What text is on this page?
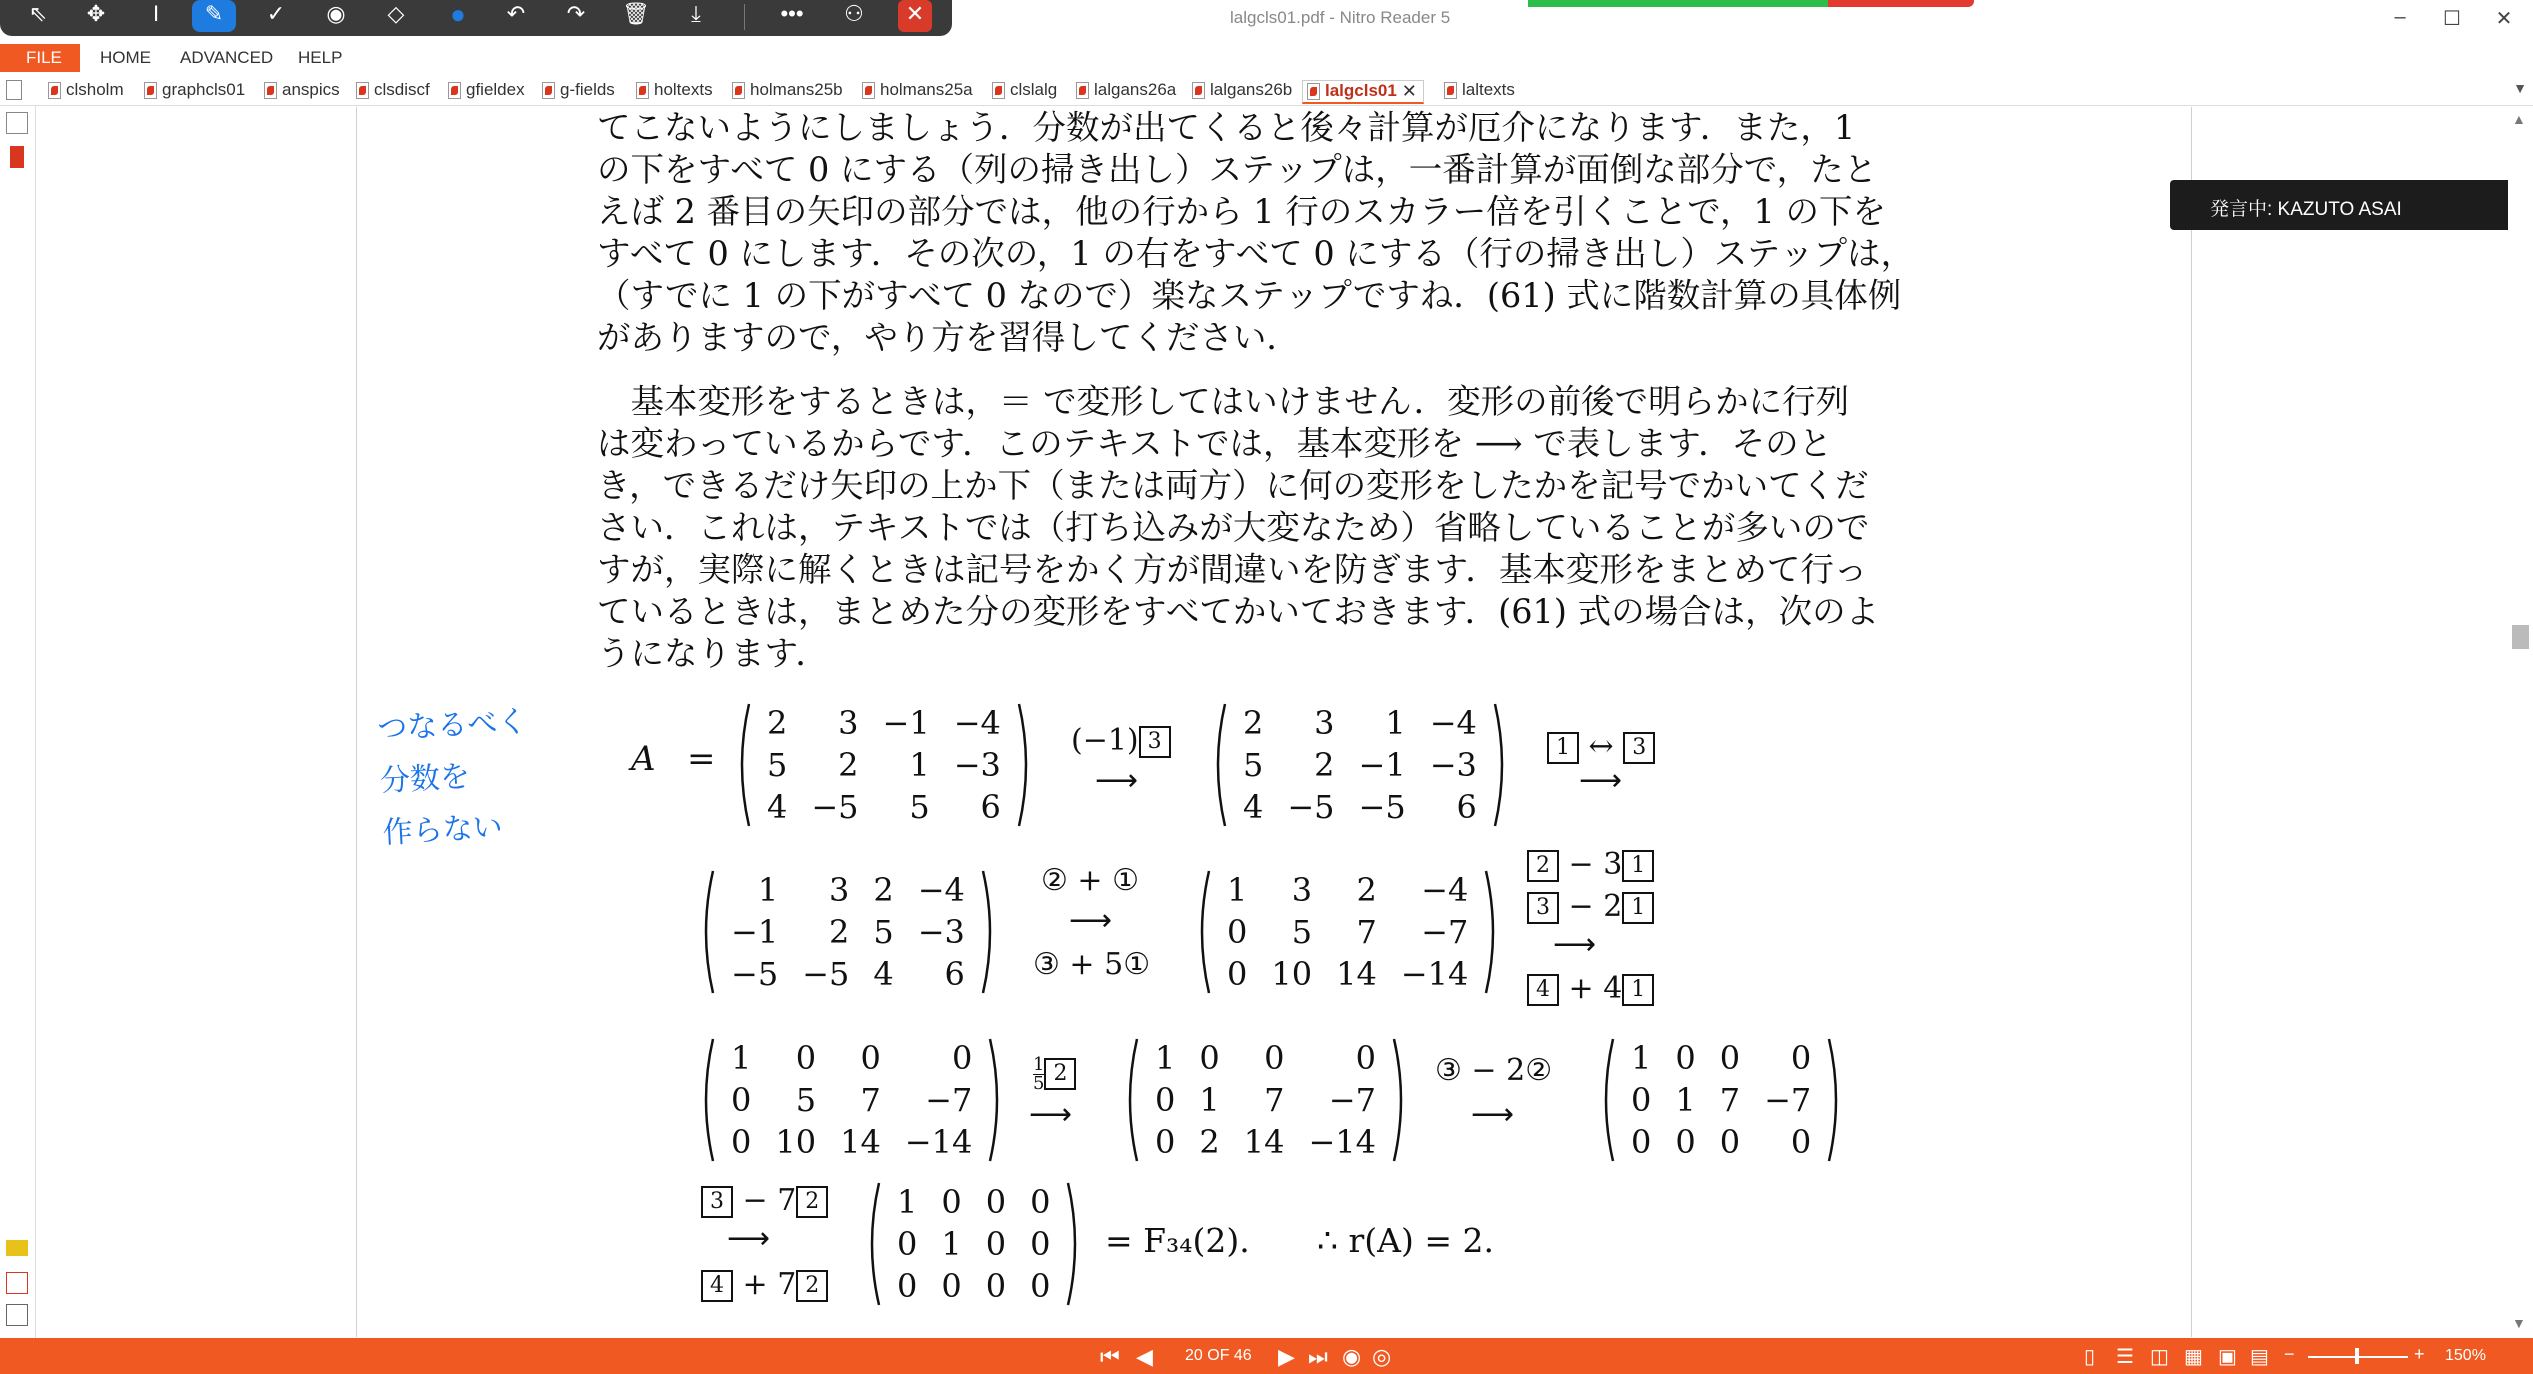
lalgcls01.pdf - Nitro Reader 5	–	☐	✕
⇖	✥	I	✎	✓	◉	◇	●	↶	↷	🗑	⤓	•••	⚇	✕
FILE	HOME ADVANCED HELP
clsholm	graphcls01	anspics	clsdiscf	gfieldex	g-fields	holtexts	holmans25b	holmans25a	clslalg	lalgans26a	lalgans26b	lalgcls01 ✕	laltexts	▼
てこないようにしましょう．分数が出てくると後々計算が厄介になります．また，1
の下をすべて 0 にする（列の掃き出し）ステップは，一番計算が面倒な部分で，たと
えば 2 番目の矢印の部分では，他の行から 1 行のスカラー倍を引くことで，1 の下を
すべて 0 にします．その次の，1 の右をすべて 0 にする（行の掃き出し）ステップは，
（すでに 1 の下がすべて 0 なので）楽なステップですね．(61) 式に階数計算の具体例
がありますので，やり方を習得してください．
　基本変形をするときは，＝ で変形してはいけません．変形の前後で明らかに行列
は変わっているからです．このテキストでは，基本変形を ⟶ で表します．そのと
き，できるだけ矢印の上か下（または両方）に何の変形をしたかを記号でかいてくだ
さい．これは，テキストでは（打ち込みが大変なため）省略していることが多いので
すが，実際に解くときは記号をかく方が間違いを防ぎます．基本変形をまとめて行っ
ているときは，まとめた分の変形をすべてかいておきます．(61) 式の場合は，次のよ
うになります．
A =
2	3	−1	−4
5	2	1	−3
4	−5	5	6
(−1) 3
⟶
2	3	1	−4
5	2	−1	−3
4	−5	−5	6
1 ↔ 3
⟶
1	3	2	−4
−1	2	5	−3
−5	−5	4	6
② + ①
⟶
③ + 5①
1	3	2	−4
0	5	7	−7
0	10	14	−14
2 − 3 1
3 − 2 1
⟶
4 + 4 1
1	0	0	0
0	5	7	−7
0	10	14	−14
$\frac{1}{5} 2$
⟶
1	0	0	0
0	1	7	−7
0	2	14	−14
③ − 2②
⟶
1	0	0	0
0	1	7	−7
0	0	0	0
3 − 7 2
⟶
4 + 7 2
1	0	0	0
0	1	0	0
0	0	0	0
= F₃₄(2). ∴ r(A) = 2.
つなるべく
分数を
作らない
発言中: KAZUTO ASAI
▲
▼
⏮ ◀ 20 OF 46 ▶ ⏭ ◉ ◎	▯ ☰ ◫ ▦ ▣ ▤ −	+ 150%
